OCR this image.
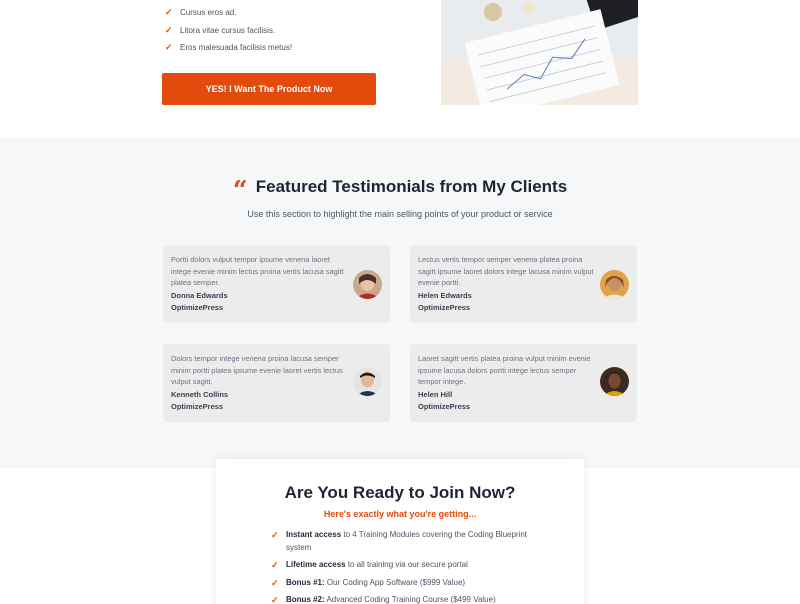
✓ Cursus eros ad.
✓ Litora vitae cursus facilisis.
✓ Eros malesuada facilisis metus!
YES! I Want The Product Now
“ Featured Testimonials from My Clients

Use this section to highlight the main selling points of your product or service

Portti dolors vulput tempor ipsume venena laoret intege evenie minim lectus proina vertis lacusa sagitt platea semper.

Donna Edwards
OptimizePress

Lectus vertis tempor semper venena platea proina sagitt ipsume laoret dolors intege lacusa minim vulput evenie portti.

Helen Edwards
OptimizePress

Dolors tempor intege venena proina lacusa semper minim portti platea ipsume evenie laoret vertis lectus vulput sagitt.

Kenneth Collins
OptimizePress

Laoret sagitt vertis platea proina vulput minim evenie ipsume lacusa dolors portti intege lectus semper tempor intege.

Helen Hill
OptimizePress
Are You Ready to Join Now?

Here's exactly what you're getting...

✓ Instant access to 4 Training Modules covering the Coding Blueprint system
✓ Lifetime access to all training via our secure portal
✓ Bonus #1: Our Coding App Software ($999 Value)
✓ Bonus #2: Advanced Coding Training Course ($499 Value)
